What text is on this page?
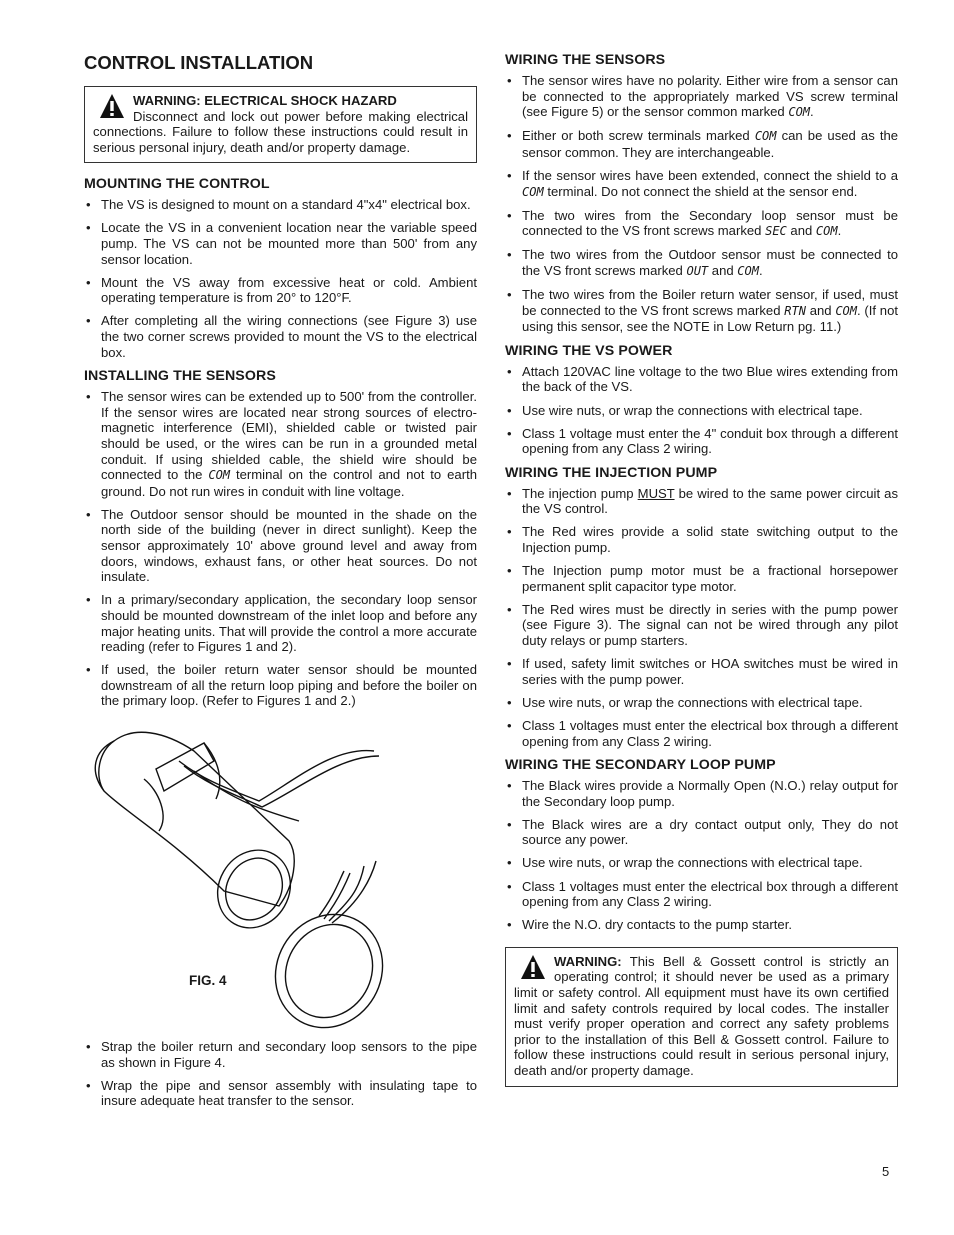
CONTROL INSTALLATION
WARNING: ELECTRICAL SHOCK HAZARD
Disconnect and lock out power before making electrical connections. Failure to follow these instructions could result in serious personal injury, death and/or property damage.
MOUNTING THE CONTROL
• The VS is designed to mount on a standard 4"x4" electrical box.
• Locate the VS in a convenient location near the variable speed pump. The VS can not be mounted more than 500' from any sensor location.
• Mount the VS away from excessive heat or cold. Ambient operating temperature is from 20° to 120°F.
• After completing all the wiring connections (see Figure 3) use the two corner screws provided to mount the VS to the electrical box.
INSTALLING THE SENSORS
• The sensor wires can be extended up to 500' from the controller. If the sensor wires are located near strong sources of electro-magnetic interference (EMI), shielded cable or twisted pair should be used, or the wires can be run in a grounded metal conduit. If using shielded cable, the shield wire should be connected to the COM terminal on the control and not to earth ground. Do not run wires in conduit with line voltage.
• The Outdoor sensor should be mounted in the shade on the north side of the building (never in direct sunlight). Keep the sensor approximately 10' above ground level and away from doors, windows, exhaust fans, or other heat sources. Do not insulate.
• In a primary/secondary application, the secondary loop sensor should be mounted downstream of the inlet loop and before any major heating units. That will provide the control a more accurate reading (refer to Figures 1 and 2).
• If used, the boiler return water sensor should be mounted downstream of all the return loop piping and before the boiler on the primary loop. (Refer to Figures 1 and 2.)
FIG. 4
• Strap the boiler return and secondary loop sensors to the pipe as shown in Figure 4.
• Wrap the pipe and sensor assembly with insulating tape to insure adequate heat transfer to the sensor.
WIRING THE SENSORS
• The sensor wires have no polarity. Either wire from a sensor can be connected to the appropriately marked VS screw terminal (see Figure 5) or the sensor common marked COM.
• Either or both screw terminals marked COM can be used as the sensor common. They are interchangeable.
• If the sensor wires have been extended, connect the shield to a COM terminal. Do not connect the shield at the sensor end.
• The two wires from the Secondary loop sensor must be connected to the VS front screws marked SEC and COM.
• The two wires from the Outdoor sensor must be connected to the VS front screws marked OUT and COM.
• The two wires from the Boiler return water sensor, if used, must be connected to the VS front screws marked RTN and COM. (If not using this sensor, see the NOTE in Low Return pg. 11.)
WIRING THE VS POWER
• Attach 120VAC line voltage to the two Blue wires extending from the back of the VS.
• Use wire nuts, or wrap the connections with electrical tape.
• Class 1 voltage must enter the 4" conduit box through a different opening from any Class 2 wiring.
WIRING THE INJECTION PUMP
• The injection pump MUST be wired to the same power circuit as the VS control.
• The Red wires provide a solid state switching output to the Injection pump.
• The Injection pump motor must be a fractional horsepower permanent split capacitor type motor.
• The Red wires must be directly in series with the pump power (see Figure 3). The signal can not be wired through any pilot duty relays or pump starters.
• If used, safety limit switches or HOA switches must be wired in series with the pump power.
• Use wire nuts, or wrap the connections with electrical tape.
• Class 1 voltages must enter the electrical box through a different opening from any Class 2 wiring.
WIRING THE SECONDARY LOOP PUMP
• The Black wires provide a Normally Open (N.O.) relay output for the Secondary loop pump.
• The Black wires are a dry contact output only, They do not source any power.
• Use wire nuts, or wrap the connections with electrical tape.
• Class 1 voltages must enter the electrical box through a different opening from any Class 2 wiring.
• Wire the N.O. dry contacts to the pump starter.
WARNING: This Bell & Gossett control is strictly an operating control; it should never be used as a primary limit or safety control. All equipment must have its own certified limit and safety controls required by local codes. The installer must verify proper operation and correct any safety problems prior to the installation of this Bell & Gossett control. Failure to follow these instructions could result in serious personal injury, death and/or property damage.
5
